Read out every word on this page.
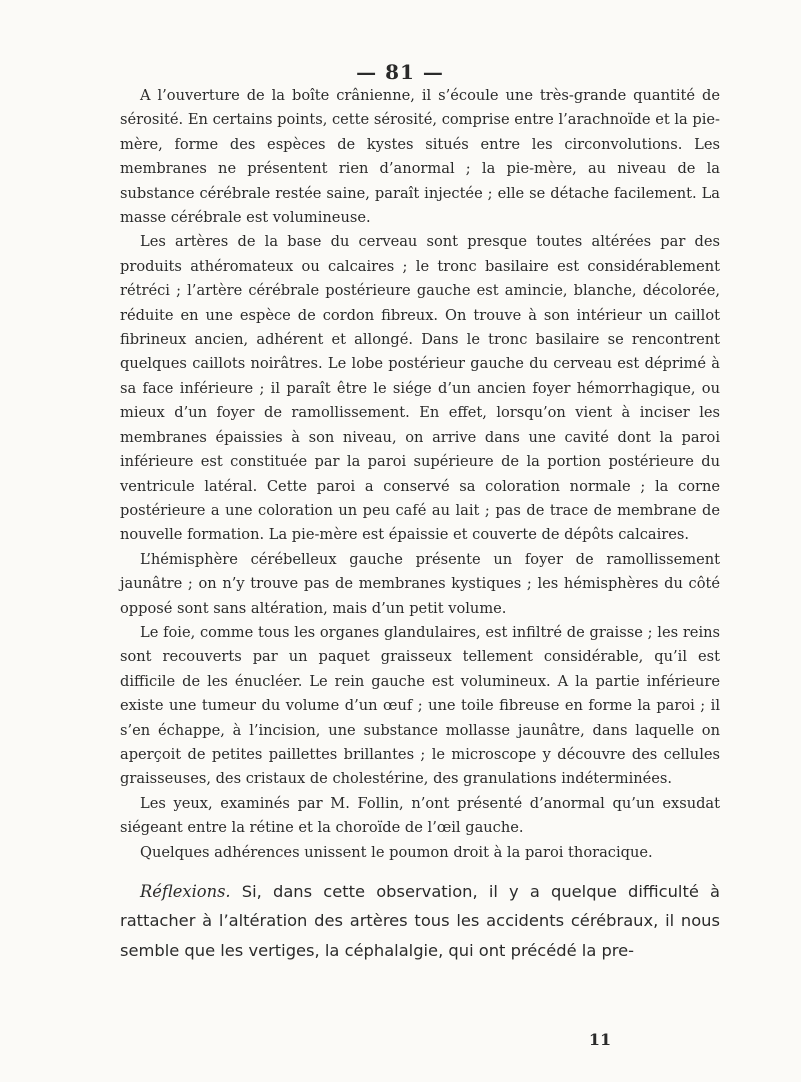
— 81 —

A l’ouverture de la boîte crânienne, il s’écoule une très-grande quantité de sérosité. En certains points, cette sérosité, comprise entre l’arachnoïde et la pie-mère, forme des espèces de kystes situés entre les circonvolutions. Les membranes ne présentent rien d’anormal ; la pie-mère, au niveau de la substance cérébrale restée saine, paraît injectée ; elle se détache facilement. La masse cérébrale est volumineuse.

Les artères de la base du cerveau sont presque toutes altérées par des produits athéromateux ou calcaires ; le tronc basilaire est considérablement rétréci ; l’artère cérébrale postérieure gauche est amincie, blanche, décolorée, réduite en une espèce de cordon fibreux. On trouve à son intérieur un caillot fibrineux ancien, adhérent et allongé. Dans le tronc basilaire se rencontrent quelques caillots noirâtres. Le lobe postérieur gauche du cerveau est déprimé à sa face inférieure ; il paraît être le siége d’un ancien foyer hémorrhagique, ou mieux d’un foyer de ramollissement. En effet, lorsqu’on vient à inciser les membranes épaissies à son niveau, on arrive dans une cavité dont la paroi inférieure est constituée par la paroi supérieure de la portion postérieure du ventricule latéral. Cette paroi a conservé sa coloration normale ; la corne postérieure a une coloration un peu café au lait ; pas de trace de membrane de nouvelle formation. La pie-mère est épaissie et couverte de dépôts calcaires.

L’hémisphère cérébelleux gauche présente un foyer de ramollissement jaunâtre ; on n’y trouve pas de membranes kystiques ; les hémisphères du côté opposé sont sans altération, mais d’un petit volume.

Le foie, comme tous les organes glandulaires, est infiltré de graisse ; les reins sont recouverts par un paquet graisseux tellement considérable, qu’il est difficile de les énucléer. Le rein gauche est volumineux. A la partie inférieure existe une tumeur du volume d’un œuf ; une toile fibreuse en forme la paroi ; il s’en échappe, à l’incision, une substance mollasse jaunâtre, dans laquelle on aperçoit de petites paillettes brillantes ; le microscope y découvre des cellules graisseuses, des cristaux de cholestérine, des granulations indéterminées.

Les yeux, examinés par M. Follin, n’ont présenté d’anormal qu’un exsudat siégeant entre la rétine et la choroïde de l’œil gauche.

Quelques adhérences unissent le poumon droit à la paroi thoracique.

Réflexions. Si, dans cette observation, il y a quelque difficulté à rattacher à l’altération des artères tous les accidents cérébraux, il nous semble que les vertiges, la céphalalgie, qui ont précédé la pre-

11
